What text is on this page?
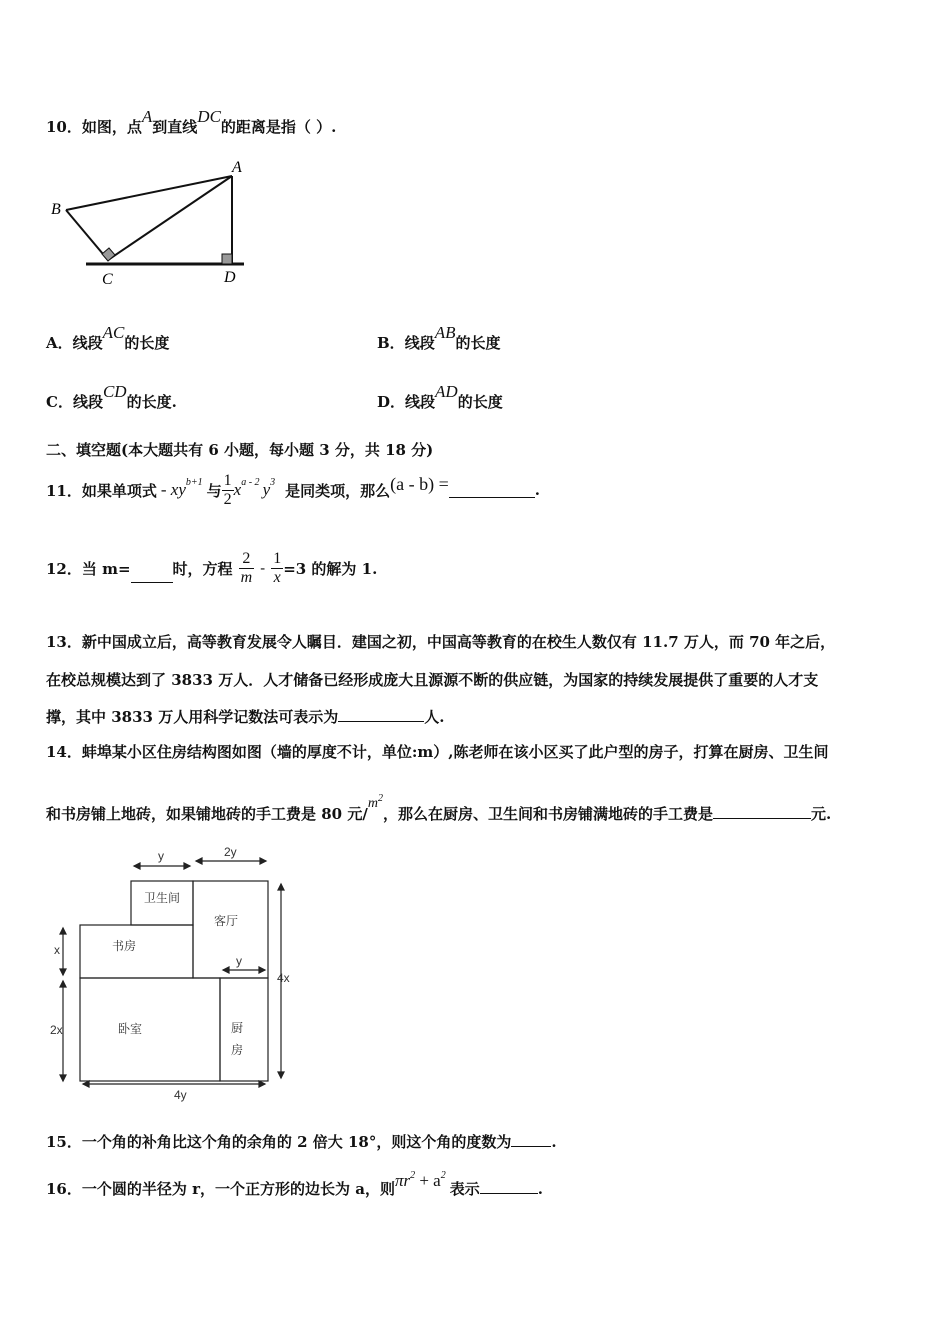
10．如图，点A到直线DC的距离是指（ ）.
A
B
C	D
A．线段AC的长度	B．线段AB的长度
C．线段CD的长度.	D．线段AD的长度
二、填空题(本大题共有 6 小题，每小题 3 分，共 18 分)
11． 如果单项式 - xy b+1 与 $\frac{1}{2}$ x a - 2 y 3 是同类项，那么 (a - b) =	.
12． 当 m=	时，方程 $\frac{2}{m} - \frac{1}{x} =3$ 的解为 1.
13．新中国成立后，高等教育发展令人瞩目．建国之初，中国高等教育的在校生人数仅有 11.7 万人，而 70 年之后，
在校总规模达到了 3833 万人．人才储备已经形成庞大且源源不断的供应链，为国家的持续发展提供了重要的人才支
撑，其中 3833 万人用科学记数法可表示为	人.
14．蚌埠某小区住房结构图如图（墙的厚度不计，单位:m）,陈老师在该小区买了此户型的房子，打算在厨房、卫生间
和书房铺上地砖，如果铺地砖的手工费是 80 元$/m^2$，那么在厨房、卫生间和书房铺满地砖的手工费是	元.
y	2y
卫生间
客厅
书房
x
y
4x
2x	卧室	厨
房
4y
15．一个角的补角比这个角的余角的 2 倍大 18°，则这个角的度数为	.
16．一个圆的半径为 r，一个正方形的边长为 a，则$\pi r^2 + a^2$表示	.
